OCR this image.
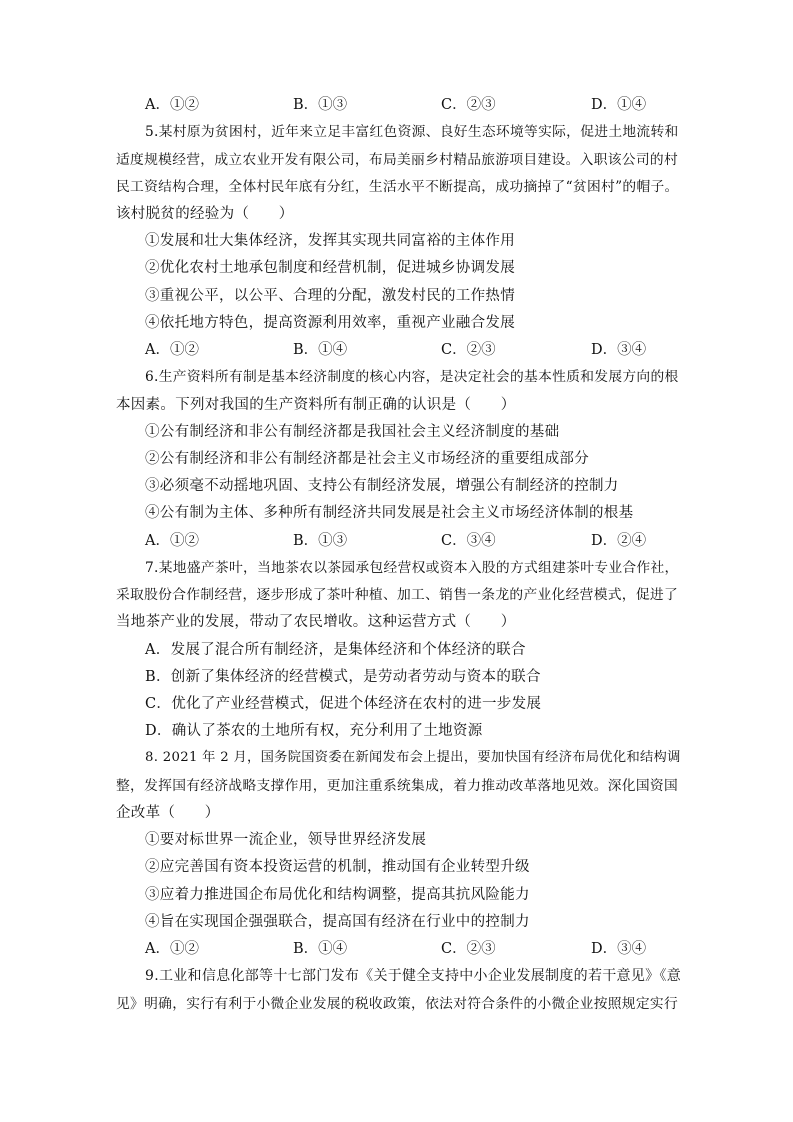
A．①②	B．①③	C．②③	D．①④
5.某村原为贫困村，近年来立足丰富红色资源、良好生态环境等实际，促进土地流转和
适度规模经营，成立农业开发有限公司，布局美丽乡村精品旅游项目建设。入职该公司的村
民工资结构合理，全体村民年底有分红，生活水平不断提高，成功摘掉了“贫困村”的帽子。
该村脱贫的经验为（　　）
①发展和壮大集体经济，发挥其实现共同富裕的主体作用
②优化农村土地承包制度和经营机制，促进城乡协调发展
③重视公平，以公平、合理的分配，激发村民的工作热情
④依托地方特色，提高资源利用效率，重视产业融合发展
A．①②	B．①④	C．②③	D．③④
6.生产资料所有制是基本经济制度的核心内容，是决定社会的基本性质和发展方向的根
本因素。下列对我国的生产资料所有制正确的认识是（　　）
①公有制经济和非公有制经济都是我国社会主义经济制度的基础
②公有制经济和非公有制经济都是社会主义市场经济的重要组成部分
③必须毫不动摇地巩固、支持公有制经济发展，增强公有制经济的控制力
④公有制为主体、多种所有制经济共同发展是社会主义市场经济体制的根基
A．①②	B．①③	C．③④	D．②④
7.某地盛产茶叶，当地茶农以茶园承包经营权或资本入股的方式组建茶叶专业合作社，
采取股份合作制经营，逐步形成了茶叶种植、加工、销售一条龙的产业化经营模式，促进了
当地茶产业的发展，带动了农民增收。这种运营方式（　　）
A．发展了混合所有制经济，是集体经济和个体经济的联合
B．创新了集体经济的经营模式，是劳动者劳动与资本的联合
C．优化了产业经营模式，促进个体经济在农村的进一步发展
D．确认了茶农的土地所有权，充分利用了土地资源
8. 2021 年 2 月，国务院国资委在新闻发布会上提出，要加快国有经济布局优化和结构调
整，发挥国有经济战略支撑作用，更加注重系统集成，着力推动改革落地见效。深化国资国
企改革（　　）
①要对标世界一流企业，领导世界经济发展
②应完善国有资本投资运营的机制，推动国有企业转型升级
③应着力推进国企布局优化和结构调整，提高其抗风险能力
④旨在实现国企强强联合，提高国有经济在行业中的控制力
A．①②	B．①④	C．②③	D．③④
9.工业和信息化部等十七部门发布《关于健全支持中小企业发展制度的若干意见》《意
见》明确，实行有利于小微企业发展的税收政策，依法对符合条件的小微企业按照规定实行
